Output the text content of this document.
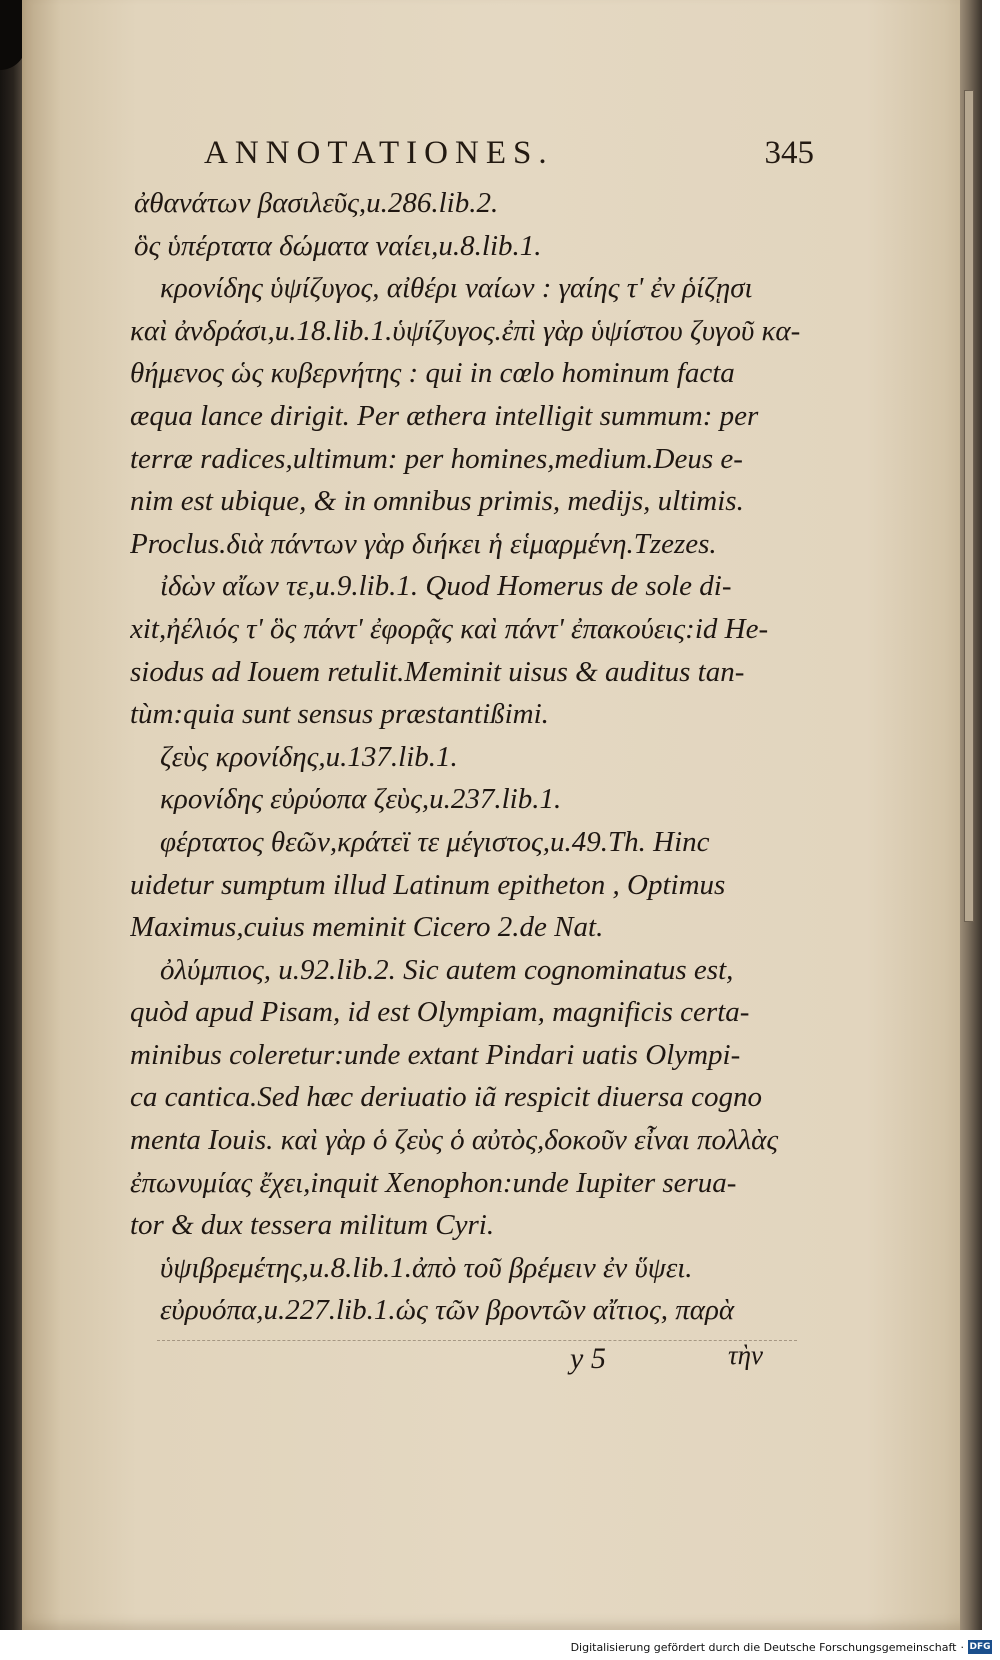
ANNOTATIONES.	345
ἀθανάτων βασιλεῦς,u.286.lib.2.
ὃς ὑπέρτατα δώματα ναίει,u.8.lib.1.
κρονίδης ὑψίζυγος, αἰθέρι ναίων : γαίης τ' ἐν ῥίζῃσι
καὶ ἀνδράσι,u.18.lib.1.ὑψίζυγος.ἐπὶ γὰρ ὑψίστου ζυγοῦ κα-
θήμενος ὡς κυβερνήτης : qui in cœlo hominum facta
æqua lance dirigit. Per æthera intelligit summum: per
terræ radices,ultimum: per homines,medium.Deus e-
nim est ubique, & in omnibus primis, medijs, ultimis.
Proclus.διὰ πάντων γὰρ διήκει ἡ εἱμαρμένη.Tzezes.
ἰδὼν αἴων τε,u.9.lib.1. Quod Homerus de sole di-
xit,ἠέλιός τ' ὃς πάντ' ἐφορᾷς καὶ πάντ' ἐπακούεις:id He-
siodus ad Iouem retulit.Meminit uisus & auditus tan-
tùm:quia sunt sensus præstantißimi.
ζεὺς κρονίδης,u.137.lib.1.
κρονίδης εὐρύοπα ζεὺς,u.237.lib.1.
φέρτατος θεῶν,κράτεϊ τε μέγιστος,u.49.Th. Hinc
uidetur sumptum illud Latinum epitheton , Optimus
Maximus,cuius meminit Cicero 2.de Nat.
ὀλύμπιος, u.92.lib.2. Sic autem cognominatus est,
quòd apud Pisam, id est Olympiam, magnificis certa-
minibus coleretur:unde extant Pindari uatis Olympi-
ca cantica.Sed hæc deriuatio iã respicit diuersa cogno
menta Iouis. καὶ γὰρ ὁ ζεὺς ὁ αὐτὸς,δοκοῦν εἶναι πολλὰς
ἐπωνυμίας ἔχει,inquit Xenophon:unde Iupiter serua-
tor & dux tessera militum Cyri.
ὑψιβρεμέτης,u.8.lib.1.ἀπὸ τοῦ βρέμειν ἐν ὕψει.
εὐρυόπα,u.227.lib.1.ὡς τῶν βροντῶν αἴτιος, παρὰ
y 5	τὴν
Digitalisierung gefördert durch die Deutsche Forschungsgemeinschaft · DFG
